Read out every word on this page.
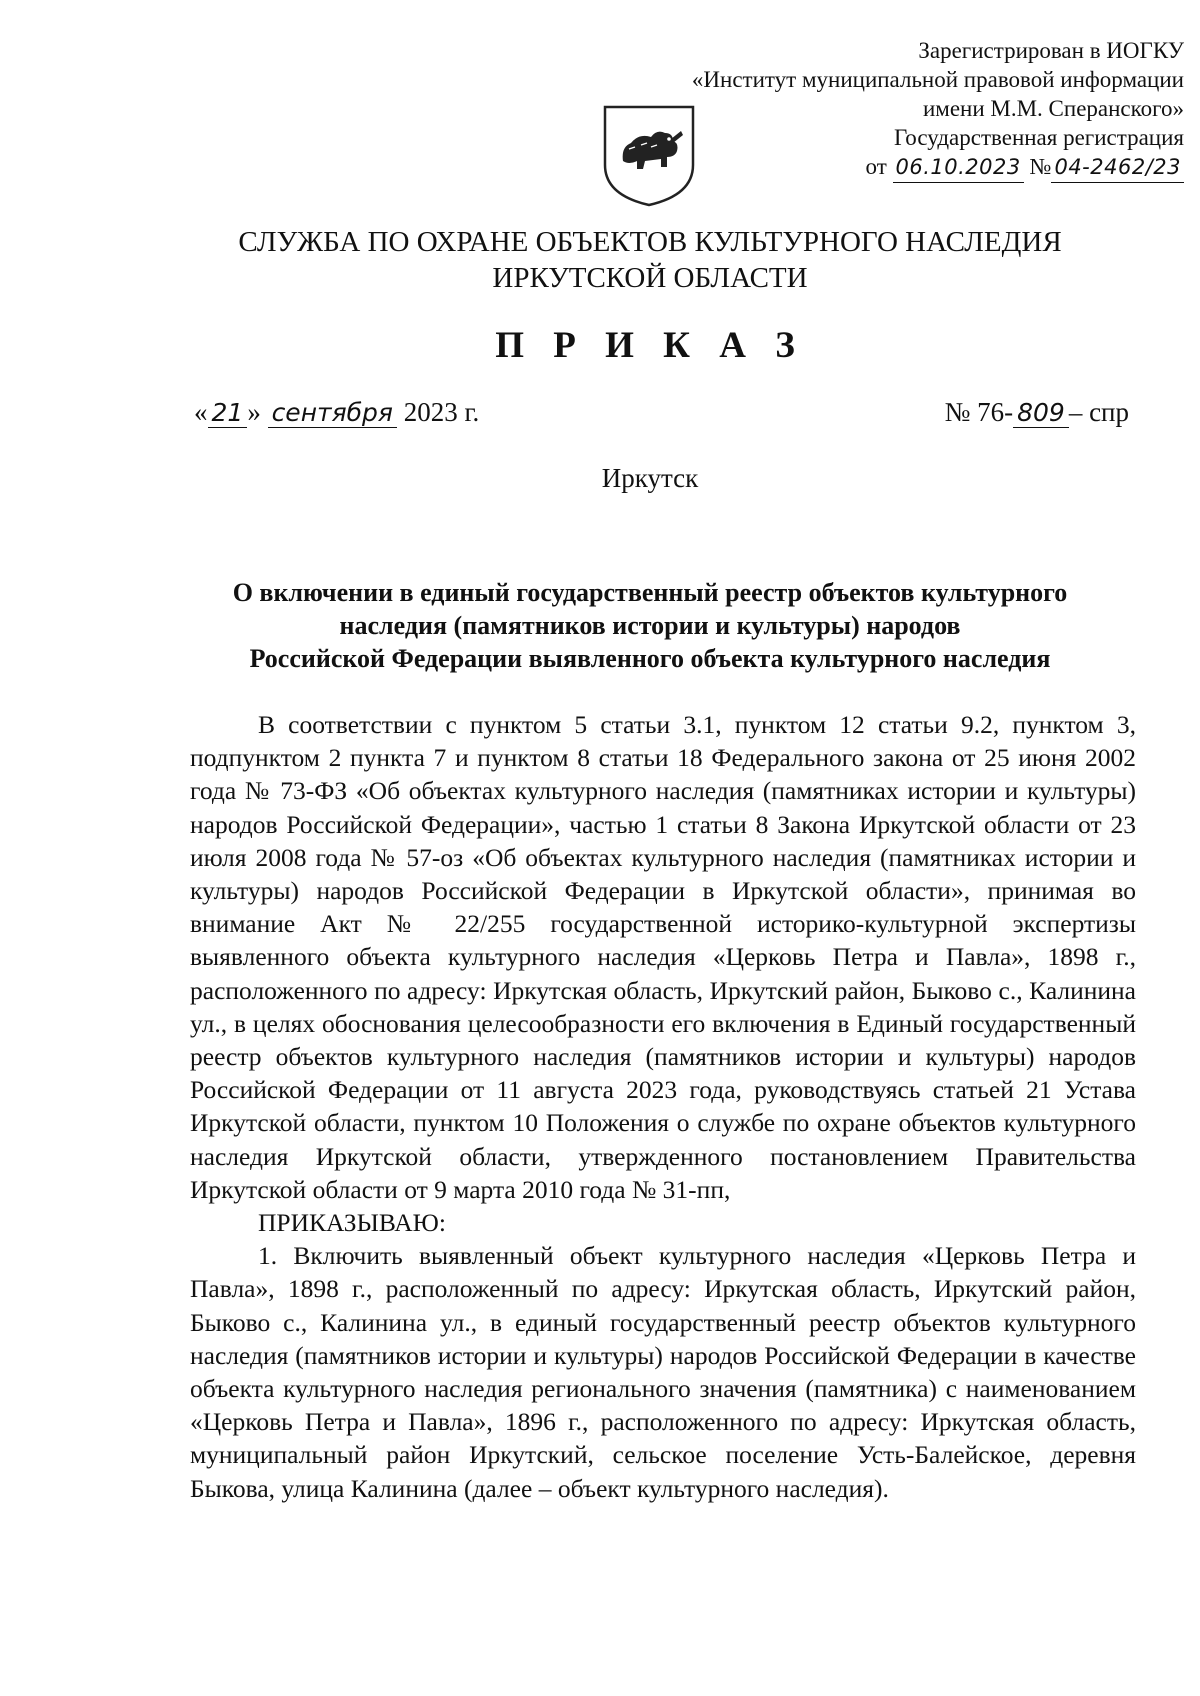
Зарегистрирован в ИОГКУ
«Институт муниципальной правовой информации
имени М.М. Сперанского»
Государственная регистрация
от 06.10.2023 № 04-2462/23
СЛУЖБА ПО ОХРАНЕ ОБЪЕКТОВ КУЛЬТУРНОГО НАСЛЕДИЯ
ИРКУТСКОЙ ОБЛАСТИ
П Р И К А З
« 21 » сентября 2023 г.	№ 76- 809 – спр
Иркутск
О включении в единый государственный реестр объектов культурного
наследия (памятников истории и культуры) народов
Российской Федерации выявленного объекта культурного наследия

В соответствии с пунктом 5 статьи 3.1, пунктом 12 статьи 9.2, пунктом 3, подпунктом 2 пункта 7 и пунктом 8 статьи 18 Федерального закона от 25 июня 2002 года № 73-ФЗ «Об объектах культурного наследия (памятниках истории и культуры) народов Российской Федерации», частью 1 статьи 8 Закона Иркутской области от 23 июля 2008 года № 57-оз «Об объектах культурного наследия (памятниках истории и культуры) народов Российской Федерации в Иркутской области», принимая во внимание Акт № 22/255 государственной историко-культурной экспертизы выявленного объекта культурного наследия «Церковь Петра и Павла», 1898 г., расположенного по адресу: Иркутская область, Иркутский район, Быково с., Калинина ул., в целях обоснования целесообразности его включения в Единый государственный реестр объектов культурного наследия (памятников истории и культуры) народов Российской Федерации от 11 августа 2023 года, руководствуясь статьей 21 Устава Иркутской области, пунктом 10 Положения о службе по охране объектов культурного наследия Иркутской области, утвержденного постановлением Правительства Иркутской области от 9 марта 2010 года № 31-пп,

ПРИКАЗЫВАЮ:

1. Включить выявленный объект культурного наследия «Церковь Петра и Павла», 1898 г., расположенный по адресу: Иркутская область, Иркутский район, Быково с., Калинина ул., в единый государственный реестр объектов культурного наследия (памятников истории и культуры) народов Российской Федерации в качестве объекта культурного наследия регионального значения (памятника) с наименованием «Церковь Петра и Павла», 1896 г., расположенного по адресу: Иркутская область, муниципальный район Иркутский, сельское поселение Усть-Балейское, деревня Быкова, улица Калинина (далее – объект культурного наследия).
